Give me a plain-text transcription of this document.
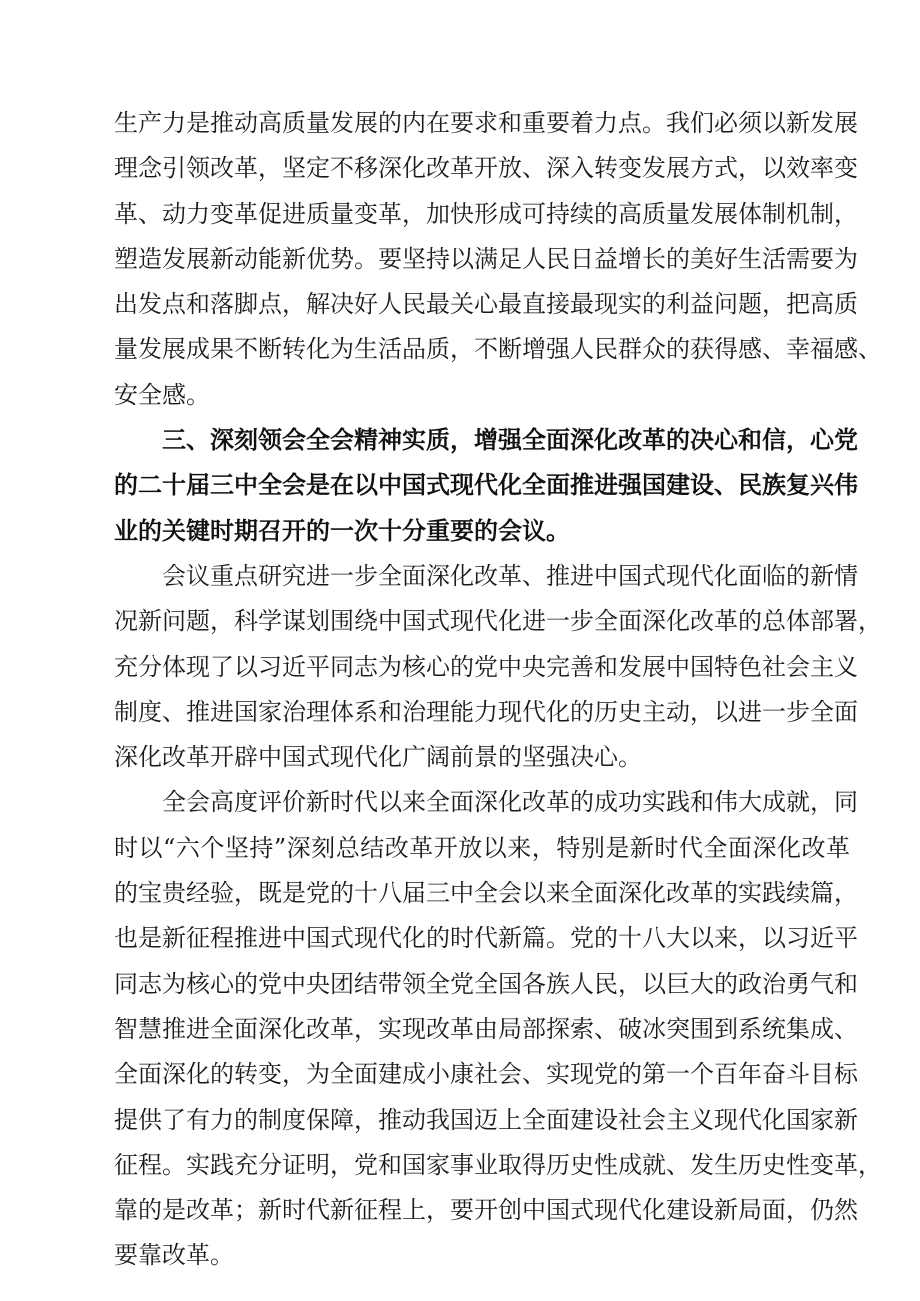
生产力是推动高质量发展的内在要求和重要着力点。我们必须以新发展
理念引领改革，坚定不移深化改革开放、深入转变发展方式，以效率变
革、动力变革促进质量变革，加快形成可持续的高质量发展体制机制，
塑造发展新动能新优势。要坚持以满足人民日益增长的美好生活需要为
出发点和落脚点，解决好人民最关心最直接最现实的利益问题，把高质
量发展成果不断转化为生活品质，不断增强人民群众的获得感、幸福感、
安全感。
三、深刻领会全会精神实质，增强全面深化改革的决心和信，心党
的二十届三中全会是在以中国式现代化全面推进强国建设、民族复兴伟
业的关键时期召开的一次十分重要的会议。
会议重点研究进一步全面深化改革、推进中国式现代化面临的新情
况新问题，科学谋划围绕中国式现代化进一步全面深化改革的总体部署，
充分体现了以习近平同志为核心的党中央完善和发展中国特色社会主义
制度、推进国家治理体系和治理能力现代化的历史主动，以进一步全面
深化改革开辟中国式现代化广阔前景的坚强决心。
全会高度评价新时代以来全面深化改革的成功实践和伟大成就，同
时以“六个坚持”深刻总结改革开放以来，特别是新时代全面深化改革
的宝贵经验，既是党的十八届三中全会以来全面深化改革的实践续篇，
也是新征程推进中国式现代化的时代新篇。党的十八大以来，以习近平
同志为核心的党中央团结带领全党全国各族人民，以巨大的政治勇气和
智慧推进全面深化改革，实现改革由局部探索、破冰突围到系统集成、
全面深化的转变，为全面建成小康社会、实现党的第一个百年奋斗目标
提供了有力的制度保障，推动我国迈上全面建设社会主义现代化国家新
征程。实践充分证明，党和国家事业取得历史性成就、发生历史性变革，
靠的是改革；新时代新征程上，要开创中国式现代化建设新局面，仍然
要靠改革。
